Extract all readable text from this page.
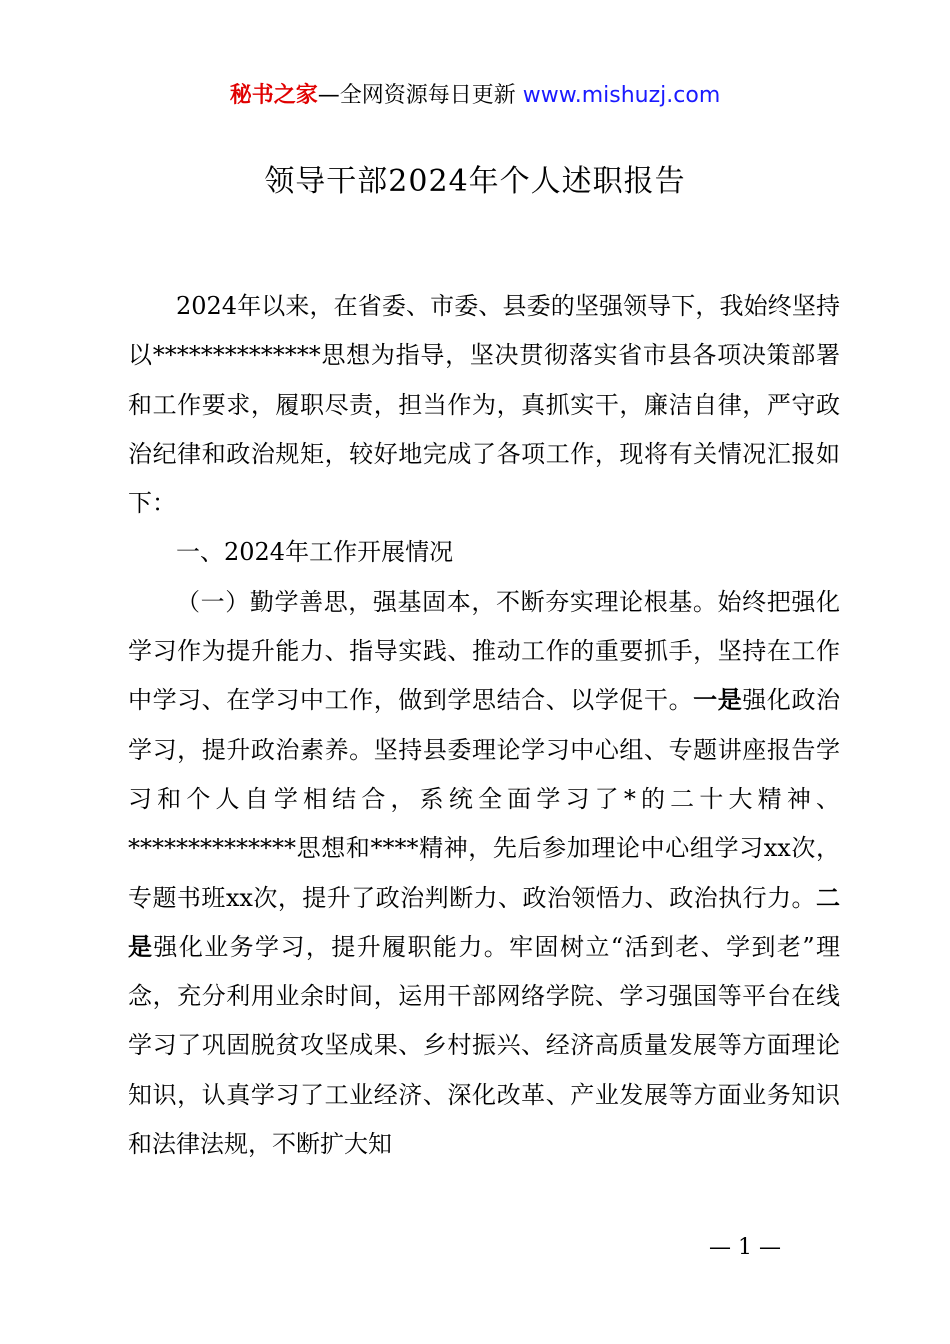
秘书之家—全网资源每日更新 www.mishuzj.com
领导干部2024年个人述职报告

2024年以来，在省委、市委、县委的坚强领导下，我始终坚持以**************思想为指导，坚决贯彻落实省市县各项决策部署和工作要求，履职尽责，担当作为，真抓实干，廉洁自律，严守政治纪律和政治规矩，较好地完成了各项工作，现将有关情况汇报如下：

一、2024年工作开展情况

（一）勤学善思，强基固本，不断夯实理论根基。始终把强化学习作为提升能力、指导实践、推动工作的重要抓手，坚持在工作中学习、在学习中工作，做到学思结合、以学促干。一是强化政治学习，提升政治素养。坚持县委理论学习中心组、专题讲座报告学习和个人自学相结合，系统全面学习了*的二十大精神、**************思想和****精神，先后参加理论中心组学习xx次，专题书班xx次，提升了政治判断力、政治领悟力、政治执行力。二是强化业务学习，提升履职能力。牢固树立“活到老、学到老”理念，充分利用业余时间，运用干部网络学院、学习强国等平台在线学习了巩固脱贫攻坚成果、乡村振兴、经济高质量发展等方面理论知识，认真学习了工业经济、深化改革、产业发展等方面业务知识和法律法规，不断扩大知

— 1 —
